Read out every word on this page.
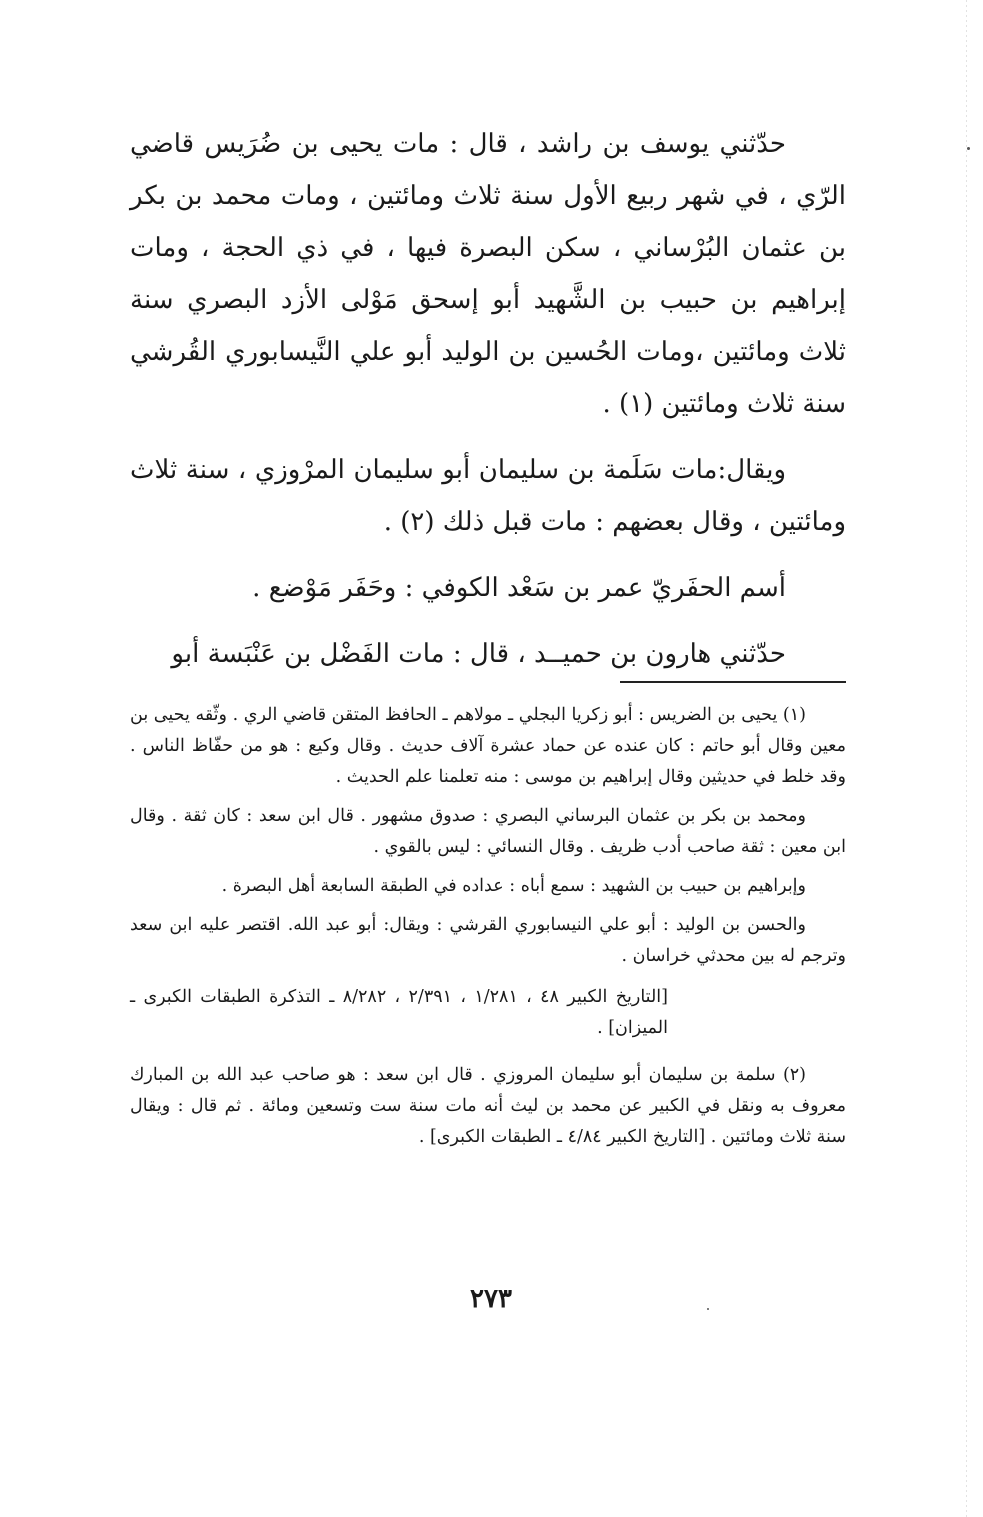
حدّثني يوسف بن راشد ، قال : مات يحيى بن ضُرَيس قاضي الرّي ، في شهر ربيع الأول سنة ثلاث ومائتين ، ومات محمد بن بكر بن عثمان البُرْساني ، سكن البصرة فيها ، في ذي الحجة ، ومات إبراهيم بن حبيب بن الشَّهيد أبو إسحق مَوْلى الأزد البصري سنة ثلاث ومائتين ،ومات الحُسين بن الوليد أبو علي النَّيسابوري القُرشي سنة ثلاث ومائتين (١) .

ويقال:مات سَلَمة بن سليمان أبو سليمان المرْوزي ، سنة ثلاث ومائتين ، وقال بعضهم : مات قبل ذلك (٢) .

أسم الحفَريّ عمر بن سَعْد الكوفي : وحَفَر مَوْضع .

حدّثني هارون بن حميــد ، قال : مات الفَضْل بن عَنْبَسة أبو

(١) يحيى بن الضريس : أبو زكريا البجلي ـ مولاهم ـ الحافظ المتقن قاضي الري . وثّقه يحيى بن معين وقال أبو حاتم : كان عنده عن حماد عشرة آلاف حديث . وقال وكيع : هو من حفّاظ الناس . وقد خلط في حديثين وقال إبراهيم بن موسى : منه تعلمنا علم الحديث .

ومحمد بن بكر بن عثمان البرساني البصري : صدوق مشهور . قال ابن سعد : كان ثقة . وقال ابن معين : ثقة صاحب أدب ظريف . وقال النسائي : ليس بالقوي .

وإبراهيم بن حبيب بن الشهيد : سمع أباه : عداده في الطبقة السابعة أهل البصرة .

والحسن بن الوليد : أبو علي النيسابوري القرشي : ويقال: أبو عبد الله. اقتصر عليه ابن سعد وترجم له بين محدثي خراسان .

[التاريخ الكبير ٤٨ ، ١/٢٨١ ، ٢/٣٩١ ، ٨/٢٨٢ ـ التذكرة الطبقات الكبرى ـ الميزان] .

(٢) سلمة بن سليمان أبو سليمان المروزي . قال ابن سعد : هو صاحب عبد الله بن المبارك معروف به ونقل في الكبير عن محمد بن ليث أنه مات سنة ست وتسعين ومائة . ثم قال : ويقال سنة ثلاث ومائتين . [التاريخ الكبير ٤/٨٤ ـ الطبقات الكبرى] .

٢٧٣
